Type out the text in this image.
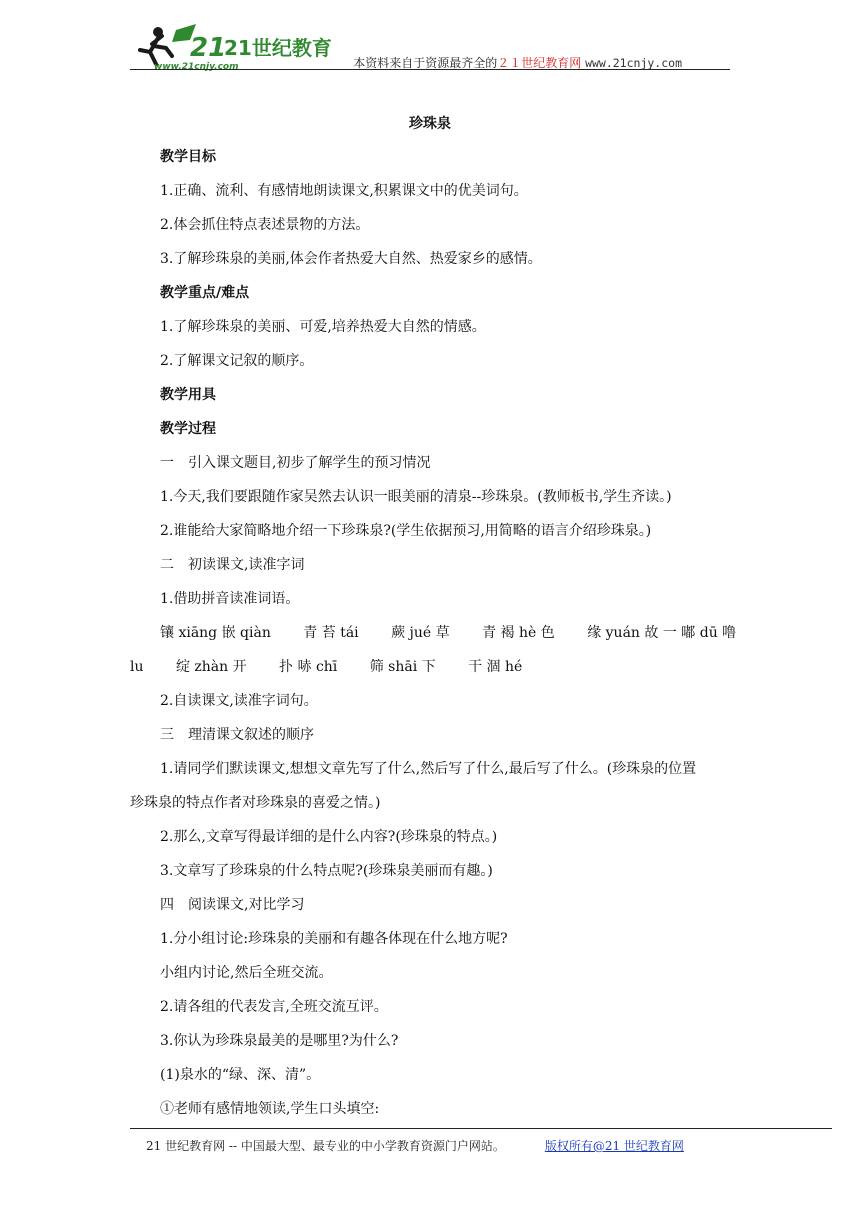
21
21世纪教育
www.21cnjy.com	本资料来自于资源最齐全的２１世纪教育网 www.21cnjy.com

珍珠泉

教学目标

1.正确、流利、有感情地朗读课文,积累课文中的优美词句。

2.体会抓住特点表述景物的方法。

3.了解珍珠泉的美丽,体会作者热爱大自然、热爱家乡的感情。

教学重点/难点

1.了解珍珠泉的美丽、可爱,培养热爱大自然的情感。

2.了解课文记叙的顺序。

教学用具

教学过程

一　引入课文题目,初步了解学生的预习情况

1.今天,我们要跟随作家吴然去认识一眼美丽的清泉--珍珠泉。(教师板书,学生齐读。)

2.谁能给大家简略地介绍一下珍珠泉?(学生依据预习,用简略的语言介绍珍珠泉。)

二　初读课文,读准字词

1.借助拼音读准词语。

镶 xiāng 嵌 qiàn　　 青 苔 tái　　 蕨 jué 草　　 青 褐 hè 色　　 缘 yuán 故 一 嘟 dū 噜

lu　　 绽 zhàn 开　　 扑 哧 chī　　 筛 shāi 下　　 干 涸 hé

2.自读课文,读准字词句。

三　理清课文叙述的顺序

1.请同学们默读课文,想想文章先写了什么,然后写了什么,最后写了什么。(珍珠泉的位置

珍珠泉的特点作者对珍珠泉的喜爱之情。)

2.那么,文章写得最详细的是什么内容?(珍珠泉的特点。)

3.文章写了珍珠泉的什么特点呢?(珍珠泉美丽而有趣。)

四　阅读课文,对比学习

1.分小组讨论:珍珠泉的美丽和有趣各体现在什么地方呢?

小组内讨论,然后全班交流。

2.请各组的代表发言,全班交流互评。

3.你认为珍珠泉最美的是哪里?为什么?

(1)泉水的“绿、深、清”。

①老师有感情地领读,学生口头填空:

21 世纪教育网 -- 中国最大型、最专业的中小学教育资源门户网站。	版权所有@21 世纪教育网
